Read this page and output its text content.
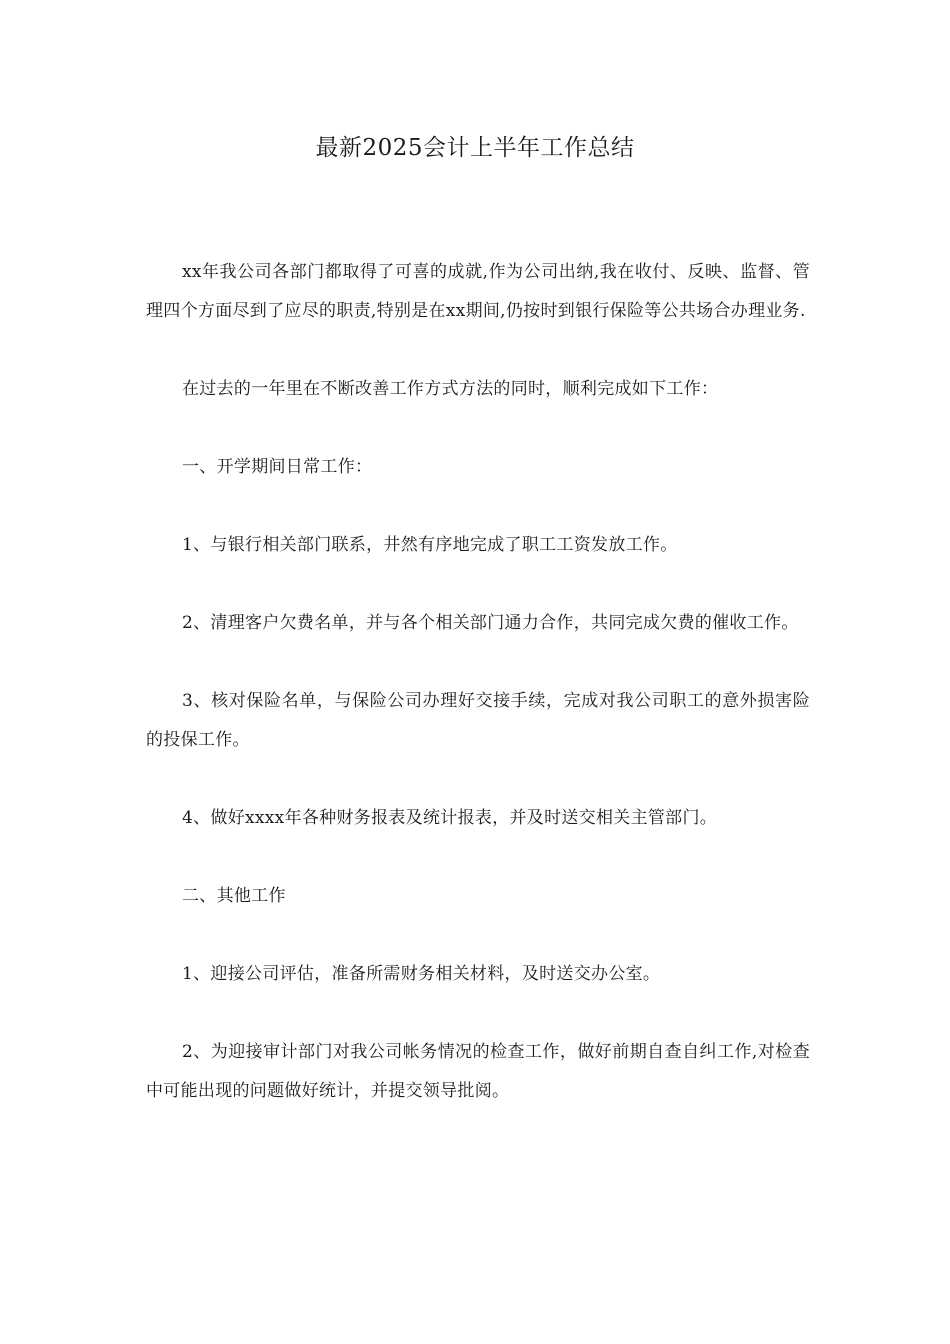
最新2025会计上半年工作总结

xx年我公司各部门都取得了可喜的成就,作为公司出纳,我在收付、反映、监督、管理四个方面尽到了应尽的职责,特别是在xx期间,仍按时到银行保险等公共场合办理业务.

在过去的一年里在不断改善工作方式方法的同时，顺利完成如下工作：

一、开学期间日常工作：

1、与银行相关部门联系，井然有序地完成了职工工资发放工作。

2、清理客户欠费名单，并与各个相关部门通力合作，共同完成欠费的催收工作。

3、核对保险名单，与保险公司办理好交接手续，完成对我公司职工的意外损害险的投保工作。

4、做好xxxx年各种财务报表及统计报表，并及时送交相关主管部门。

二、其他工作

1、迎接公司评估，准备所需财务相关材料，及时送交办公室。

2、为迎接审计部门对我公司帐务情况的检查工作，做好前期自查自纠工作,对检查中可能出现的问题做好统计，并提交领导批阅。
